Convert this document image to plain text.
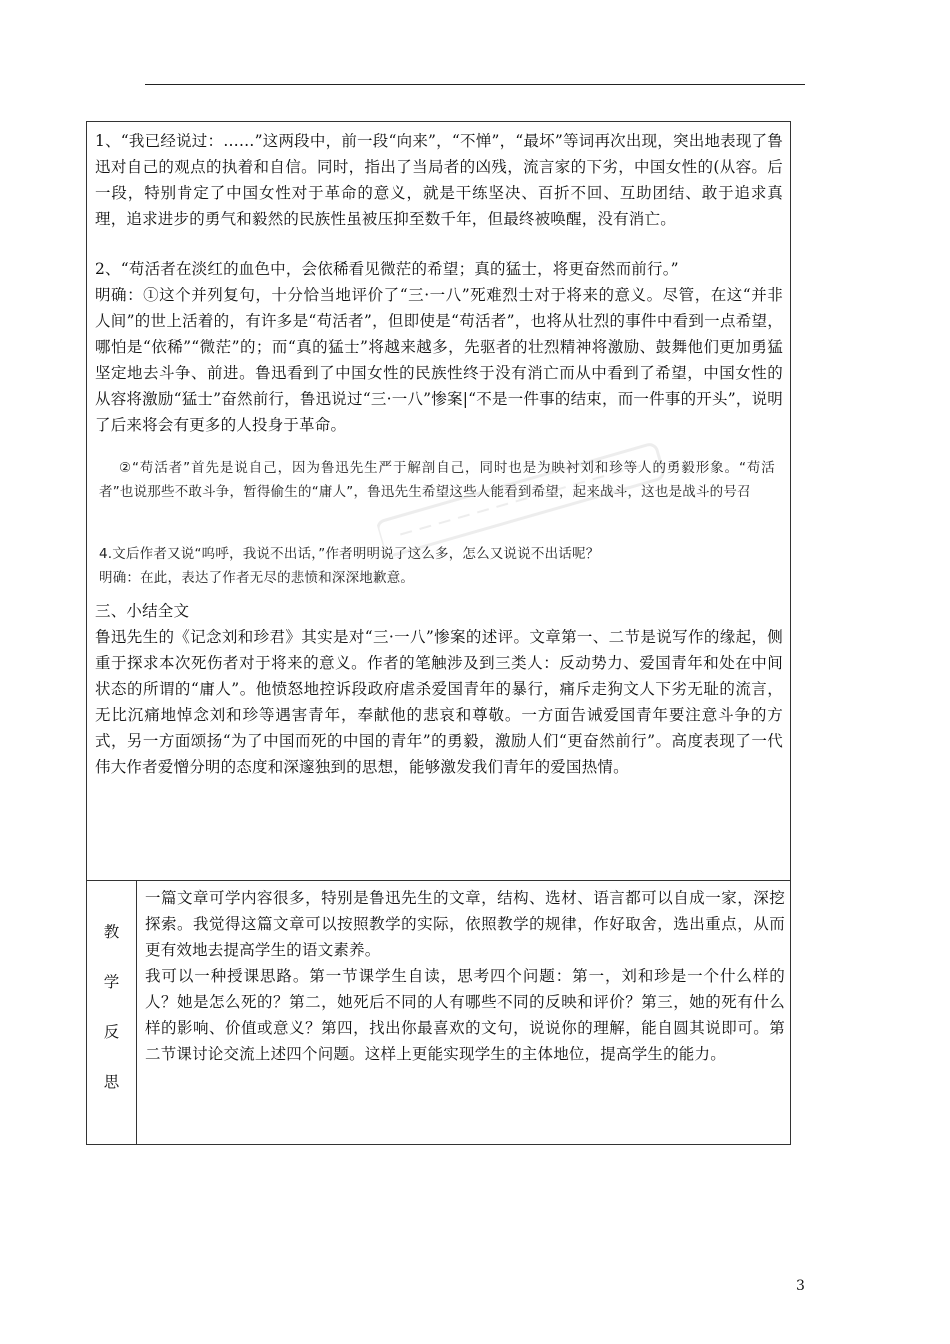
1、“我已经说过：……”这两段中，前一段“向来”，“不惮”，“最坏”等词再次出现，突出地表现了鲁迅对自己的观点的执着和自信。同时，指出了当局者的凶残，流言家的下劣，中国女性的(从容。后一段，特别肯定了中国女性对于革命的意义，就是干练坚决、百折不回、互助团结、敢于追求真理，追求进步的勇气和毅然的民族性虽被压抑至数千年，但最终被唤醒，没有消亡。

2、“苟活者在淡红的血色中，会依稀看见微茫的希望；真的猛士，将更奋然而前行。”

明确：①这个并列复句，十分恰当地评价了“三·一八”死难烈士对于将来的意义。尽管，在这“并非人间”的世上活着的，有许多是“苟活者”，但即使是“苟活者”，也将从壮烈的事件中看到一点希望，哪怕是“依稀”“微茫”的；而“真的猛士”将越来越多，先驱者的壮烈精神将激励、鼓舞他们更加勇猛坚定地去斗争、前进。鲁迅看到了中国女性的民族性终于没有消亡而从中看到了希望，中国女性的从容将激励“猛士”奋然前行，鲁迅说过“三·一八”惨案|“不是一件事的结束，而一件事的开头”，说明了后来将会有更多的人投身于革命。

②“苟活者”首先是说自己，因为鲁迅先生严于解剖自己，同时也是为映衬刘和珍等人的勇毅形象。“苟活者”也说那些不敢斗争，暂得偷生的“庸人”，鲁迅先生希望这些人能看到希望，起来战斗，这也是战斗的号召

4.文后作者又说“呜呼，我说不出话，”作者明明说了这么多，怎么又说说不出话呢？

明确：在此，表达了作者无尽的悲愤和深深地歉意。

三、小结全文

鲁迅先生的《记念刘和珍君》其实是对“三·一八”惨案的述评。文章第一、二节是说写作的缘起，侧重于探求本次死伤者对于将来的意义。作者的笔触涉及到三类人：反动势力、爱国青年和处在中间状态的所谓的“庸人”。他愤怒地控诉段政府虐杀爱国青年的暴行，痛斥走狗文人下劣无耻的流言，无比沉痛地悼念刘和珍等遇害青年，奉献他的悲哀和尊敬。一方面告诫爱国青年要注意斗争的方式，另一方面颂扬“为了中国而死的中国的青年”的勇毅，激励人们“更奋然前行”。高度表现了一代伟大作者爱憎分明的态度和深邃独到的思想，能够激发我们青年的爱国热情。

教
学
反
思

一篇文章可学内容很多，特别是鲁迅先生的文章，结构、选材、语言都可以自成一家，深挖探索。我觉得这篇文章可以按照教学的实际，依照教学的规律，作好取舍，选出重点，从而更有效地去提高学生的语文素养。

我可以一种授课思路。第一节课学生自读，思考四个问题：第一，刘和珍是一个什么样的人？她是怎么死的？第二，她死后不同的人有哪些不同的反映和评价？第三，她的死有什么样的影响、价值或意义？第四，找出你最喜欢的文句，说说你的理解，能自圆其说即可。第二节课讨论交流上述四个问题。这样上更能实现学生的主体地位，提高学生的能力。

3
